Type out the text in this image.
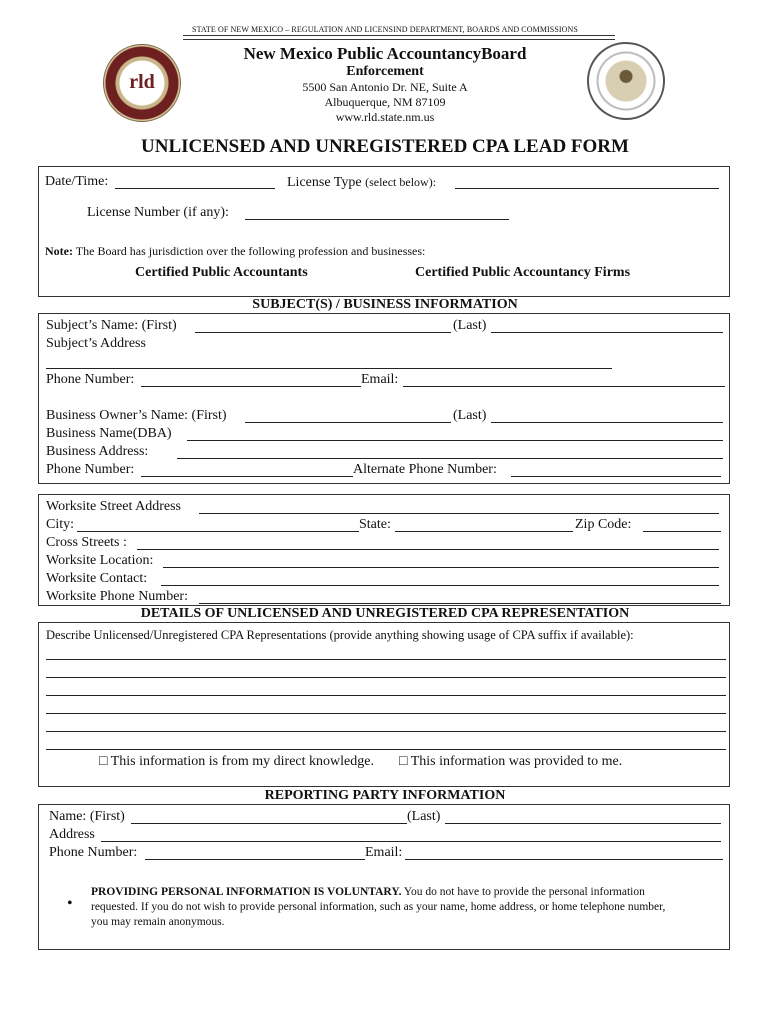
STATE OF NEW MEXICO – REGULATION AND LICENSIND DEPARTMENT, BOARDS AND COMMISSIONS
rld
New Mexico Public AccountancyBoard
Enforcement
5500 San Antonio Dr. NE, Suite A
Albuquerque, NM 87109
www.rld.state.nm.us
UNLICENSED AND UNREGISTERED CPA LEAD FORM
Date/Time:	License Type (select below):
License Number (if any):
Note: The Board has jurisdiction over the following profession and businesses:
Certified Public Accountants	Certified Public Accountancy Firms
SUBJECT(S) / BUSINESS INFORMATION
Subject’s Name: (First)	(Last)
Subject’s Address
Phone Number:	Email:
Business Owner’s Name: (First)	(Last)
Business Name(DBA)
Business Address:
Phone Number:	Alternate Phone Number:
Worksite Street Address
City:	State:	Zip Code:
Cross Streets :
Worksite Location:
Worksite Contact:
Worksite Phone Number:
DETAILS OF UNLICENSED AND UNREGISTERED CPA REPRESENTATION
Describe Unlicensed/Unregistered CPA Representations (provide anything showing usage of CPA suffix if available):
□ This information is from my direct knowledge. □ This information was provided to me.
REPORTING PARTY INFORMATION
Name: (First)	(Last)
Address
Phone Number:	Email:
•
PROVIDING PERSONAL INFORMATION IS VOLUNTARY. You do not have to provide the personal information
requested. If you do not wish to provide personal information, such as your name, home address, or home telephone number,
you may remain anonymous.
